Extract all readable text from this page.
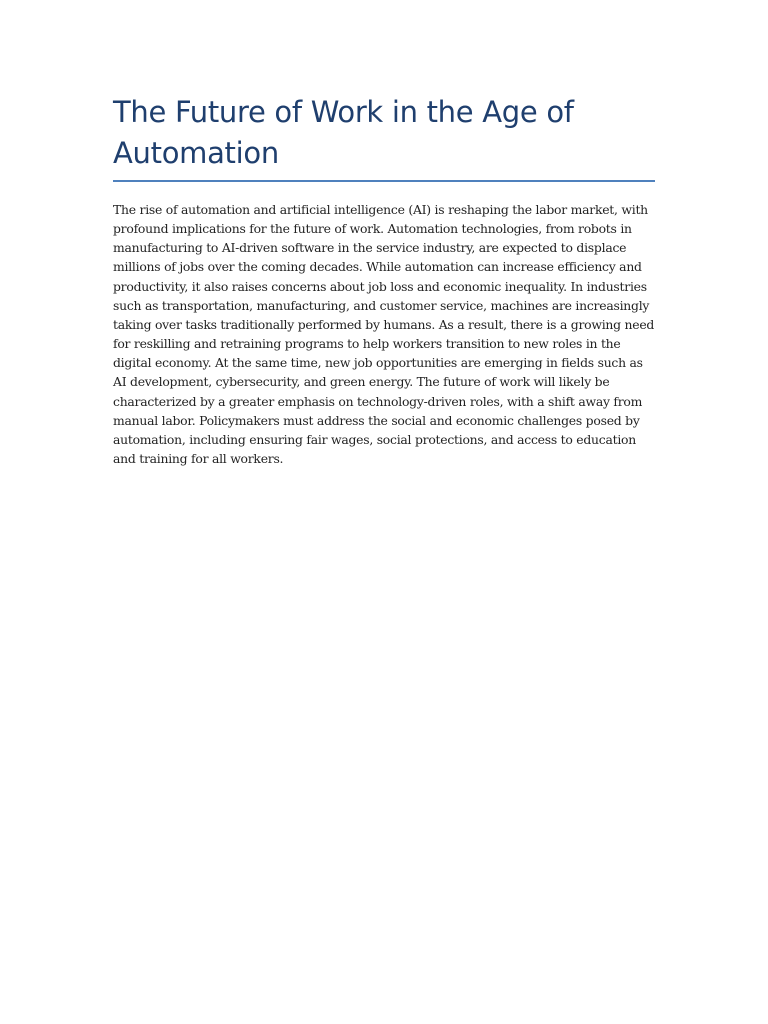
The Future of Work in the Age of Automation

The rise of automation and artificial intelligence (AI) is reshaping the labor market, with profound implications for the future of work. Automation technologies, from robots in manufacturing to AI-driven software in the service industry, are expected to displace millions of jobs over the coming decades. While automation can increase efficiency and productivity, it also raises concerns about job loss and economic inequality. In industries such as transportation, manufacturing, and customer service, machines are increasingly taking over tasks traditionally performed by humans. As a result, there is a growing need for reskilling and retraining programs to help workers transition to new roles in the digital economy. At the same time, new job opportunities are emerging in fields such as AI development, cybersecurity, and green energy. The future of work will likely be characterized by a greater emphasis on technology-driven roles, with a shift away from manual labor. Policymakers must address the social and economic challenges posed by automation, including ensuring fair wages, social protections, and access to education and training for all workers.
